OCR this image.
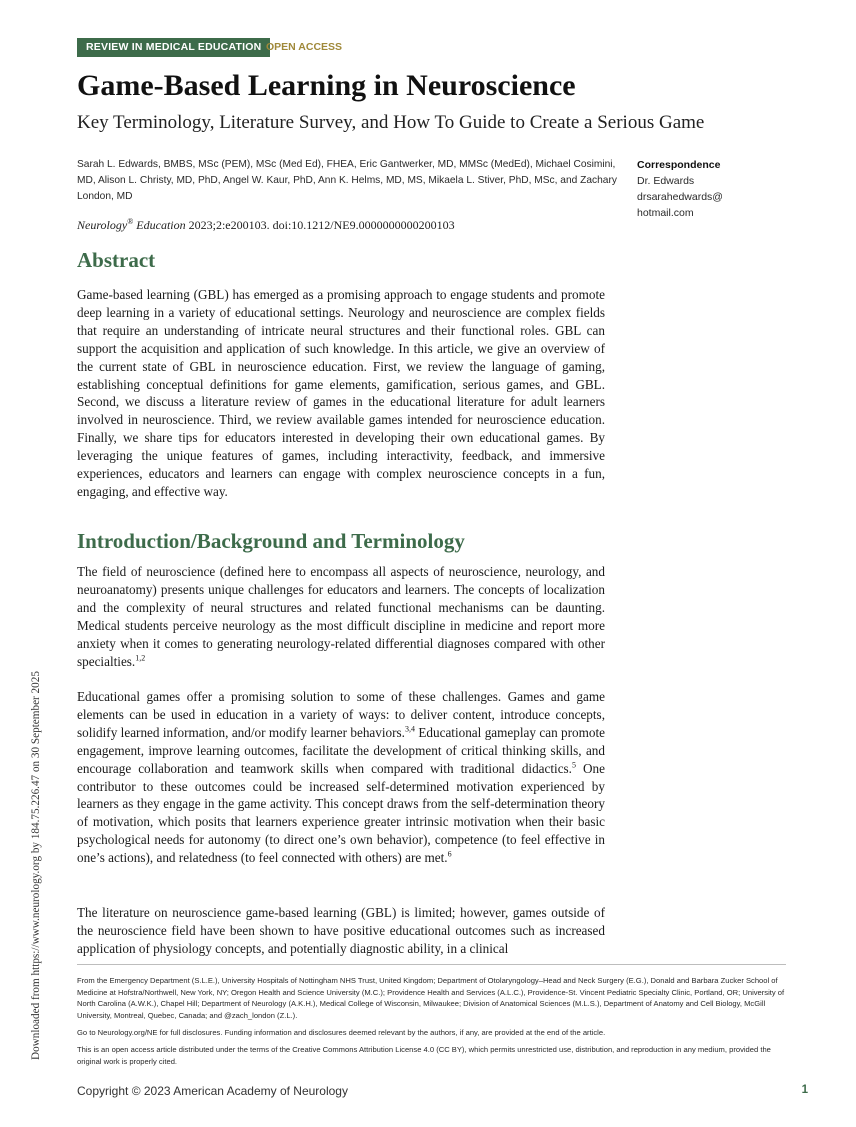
REVIEW IN MEDICAL EDUCATION OPEN ACCESS
Game-Based Learning in Neuroscience
Key Terminology, Literature Survey, and How To Guide to Create a Serious Game
Sarah L. Edwards, BMBS, MSc (PEM), MSc (Med Ed), FHEA, Eric Gantwerker, MD, MMSc (MedEd), Michael Cosimini, MD, Alison L. Christy, MD, PhD, Angel W. Kaur, PhD, Ann K. Helms, MD, MS, Mikaela L. Stiver, PhD, MSc, and Zachary London, MD
Neurology® Education 2023;2:e200103. doi:10.1212/NE9.0000000000200103
Correspondence
Dr. Edwards
drsarahedwards@
hotmail.com
Abstract

Game-based learning (GBL) has emerged as a promising approach to engage students and promote deep learning in a variety of educational settings. Neurology and neuroscience are complex fields that require an understanding of intricate neural structures and their functional roles. GBL can support the acquisition and application of such knowledge. In this article, we give an overview of the current state of GBL in neuroscience education. First, we review the language of gaming, establishing conceptual definitions for game elements, gamification, serious games, and GBL. Second, we discuss a literature review of games in the educational literature for adult learners involved in neuroscience. Third, we review available games intended for neuroscience education. Finally, we share tips for educators interested in developing their own educational games. By leveraging the unique features of games, including interactivity, feedback, and immersive experiences, educators and learners can engage with complex neuroscience concepts in a fun, engaging, and effective way.

Introduction/Background and Terminology

The field of neuroscience (defined here to encompass all aspects of neuroscience, neurology, and neuroanatomy) presents unique challenges for educators and learners. The concepts of localization and the complexity of neural structures and related functional mechanisms can be daunting. Medical students perceive neurology as the most difficult discipline in medicine and report more anxiety when it comes to generating neurology-related differential diagnoses compared with other specialties.$^{1,2}$

Educational games offer a promising solution to some of these challenges. Games and game elements can be used in education in a variety of ways: to deliver content, introduce concepts, solidify learned information, and/or modify learner behaviors.$^{3,4}$ Educational gameplay can promote engagement, improve learning outcomes, facilitate the development of critical thinking skills, and encourage collaboration and teamwork skills when compared with traditional didactics.$^5$ One contributor to these outcomes could be increased self-determined motivation experienced by learners as they engage in the game activity. This concept draws from the self-determination theory of motivation, which posits that learners experience greater intrinsic motivation when their basic psychological needs for autonomy (to direct one’s own behavior), competence (to feel effective in one’s actions), and relatedness (to feel connected with others) are met.$^6$

The literature on neuroscience game-based learning (GBL) is limited; however, games outside of the neuroscience field have been shown to have positive educational outcomes such as increased application of physiology concepts, and potentially diagnostic ability, in a clinical

From the Emergency Department (S.L.E.), University Hospitals of Nottingham NHS Trust, United Kingdom; Department of Otolaryngology–Head and Neck Surgery (E.G.), Donald and Barbara Zucker School of Medicine at Hofstra/Northwell, New York, NY; Oregon Health and Science University (M.C.); Providence Health and Services (A.L.C.), Providence-St. Vincent Pediatric Specialty Clinic, Portland, OR; University of North Carolina (A.W.K.), Chapel Hill; Department of Neurology (A.K.H.), Medical College of Wisconsin, Milwaukee; Division of Anatomical Sciences (M.L.S.), Department of Anatomy and Cell Biology, McGill University, Montreal, Quebec, Canada; and @zach_london (Z.L.).
Go to Neurology.org/NE for full disclosures. Funding information and disclosures deemed relevant by the authors, if any, are provided at the end of the article.
This is an open access article distributed under the terms of the Creative Commons Attribution License 4.0 (CC BY), which permits unrestricted use, distribution, and reproduction in any medium, provided the original work is properly cited.
Copyright © 2023 American Academy of Neurology	1
Downloaded from https://www.neurology.org by 184.75.226.47 on 30 September 2025
